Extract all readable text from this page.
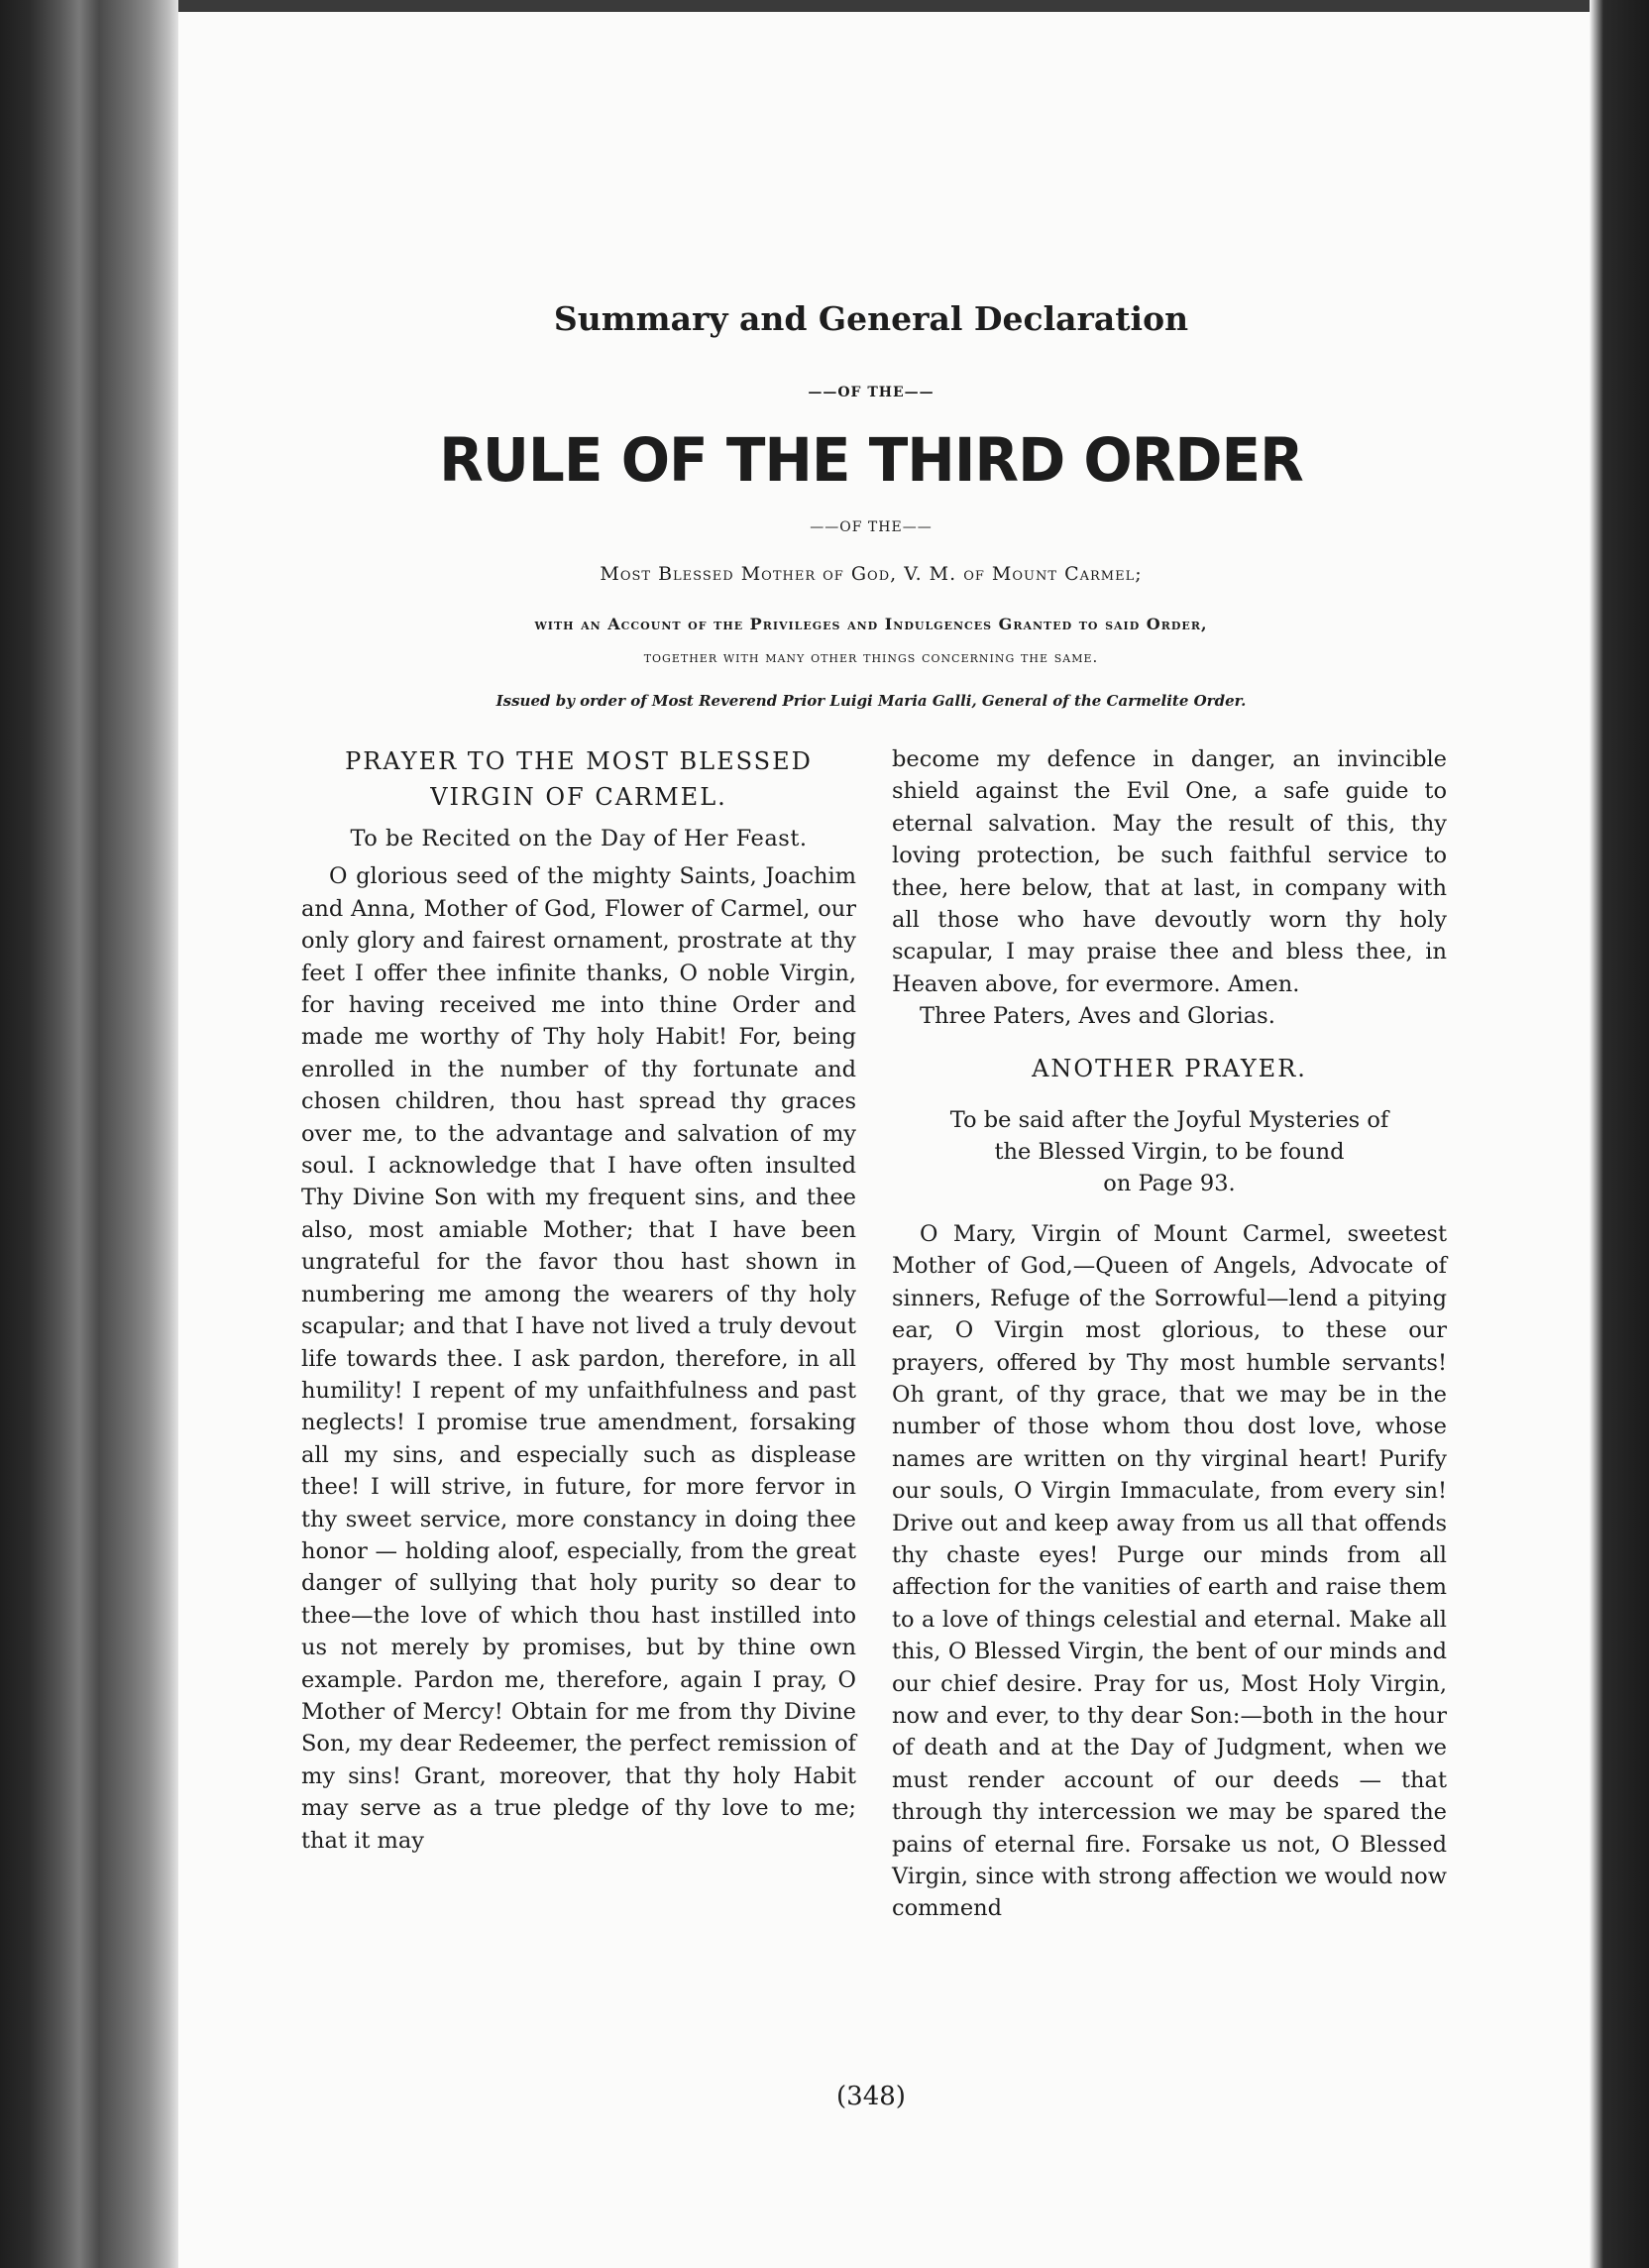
Summary and General Declaration
——OF THE——
RULE OF THE THIRD ORDER
——OF THE——
Most Blessed Mother of God, V. M. of Mount Carmel;
with an Account of the Privileges and Indulgences Granted to said Order,
together with many other things concerning the same.
Issued by order of Most Reverend Prior Luigi Maria Galli, General of the Carmelite Order.
PRAYER TO THE MOST BLESSED
VIRGIN OF CARMEL.
To be Recited on the Day of Her Feast.

O glorious seed of the mighty Saints, Joachim and Anna, Mother of God, Flower of Carmel, our only glory and fairest ornament, prostrate at thy feet I offer thee infinite thanks, O noble Virgin, for having received me into thine Order and made me worthy of Thy holy Habit! For, being enrolled in the number of thy fortunate and chosen children, thou hast spread thy graces over me, to the advantage and salvation of my soul. I acknowledge that I have often insulted Thy Divine Son with my frequent sins, and thee also, most amiable Mother; that I have been ungrateful for the favor thou hast shown in numbering me among the wearers of thy holy scapular; and that I have not lived a truly devout life towards thee. I ask pardon, therefore, in all humility! I repent of my unfaithfulness and past neglects! I promise true amendment, forsaking all my sins, and especially such as displease thee! I will strive, in future, for more fervor in thy sweet service, more constancy in doing thee honor — holding aloof, especially, from the great danger of sullying that holy purity so dear to thee—the love of which thou hast instilled into us not merely by promises, but by thine own example. Pardon me, therefore, again I pray, O Mother of Mercy! Obtain for me from thy Divine Son, my dear Redeemer, the perfect remission of my sins! Grant, moreover, that thy holy Habit may serve as a true pledge of thy love to me; that it may

become my defence in danger, an invincible shield against the Evil One, a safe guide to eternal salvation. May the result of this, thy loving protection, be such faithful service to thee, here below, that at last, in company with all those who have devoutly worn thy holy scapular, I may praise thee and bless thee, in Heaven above, for evermore. Amen.

Three Paters, Aves and Glorias.

ANOTHER PRAYER.

To be said after the Joyful Mysteries of

the Blessed Virgin, to be found

on Page 93.

O Mary, Virgin of Mount Carmel, sweetest Mother of God,—Queen of Angels, Advocate of sinners, Refuge of the Sorrowful—lend a pitying ear, O Virgin most glorious, to these our prayers, offered by Thy most humble servants! Oh grant, of thy grace, that we may be in the number of those whom thou dost love, whose names are written on thy virginal heart! Purify our souls, O Virgin Immaculate, from every sin! Drive out and keep away from us all that offends thy chaste eyes! Purge our minds from all affection for the vanities of earth and raise them to a love of things celestial and eternal. Make all this, O Blessed Virgin, the bent of our minds and our chief desire. Pray for us, Most Holy Virgin, now and ever, to thy dear Son:—both in the hour of death and at the Day of Judgment, when we must render account of our deeds — that through thy intercession we may be spared the pains of eternal fire. Forsake us not, O Blessed Virgin, since with strong affection we would now commend

(348)
